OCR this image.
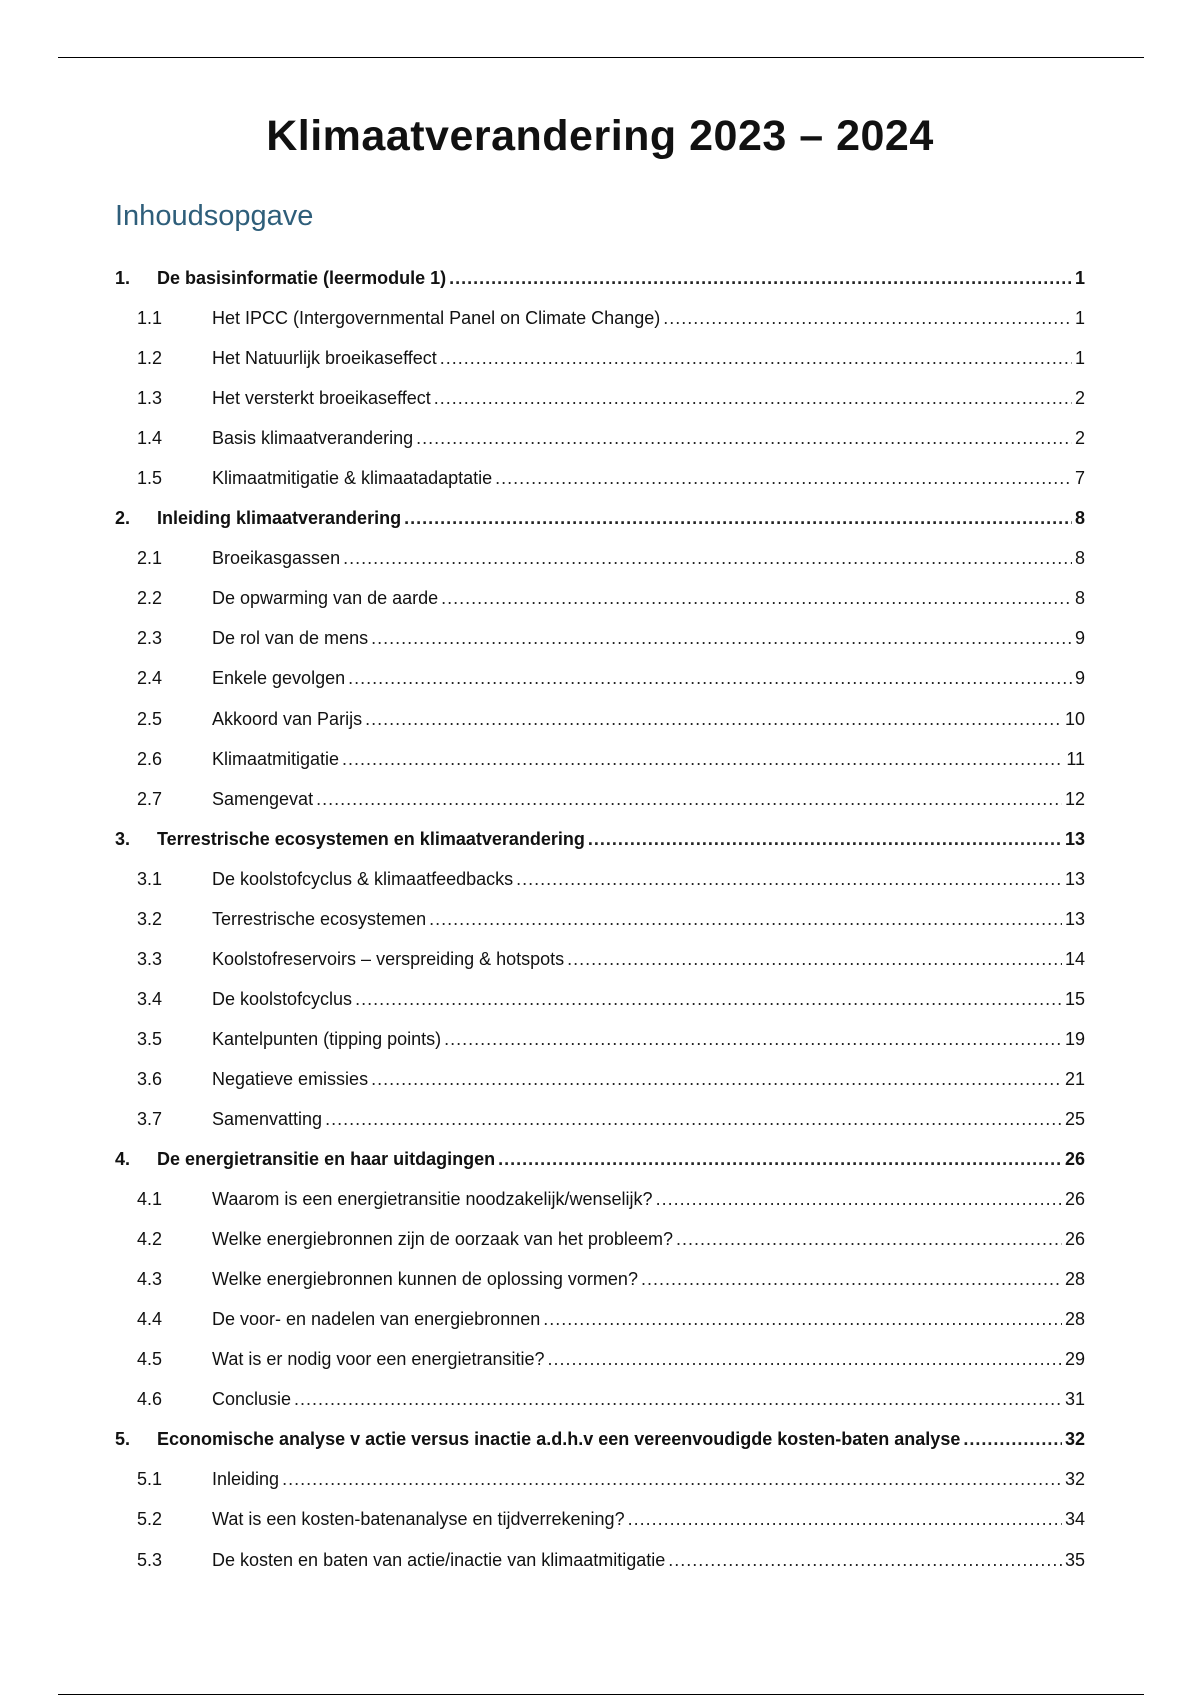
Klimaatverandering 2023 – 2024
Inhoudsopgave
1.	De basisinformatie (leermodule 1) .....	1
1.1	Het IPCC (Intergovernmental Panel on Climate Change) .....	1
1.2	Het Natuurlijk broeikaseffect .....	1
1.3	Het versterkt broeikaseffect .....	2
1.4	Basis klimaatverandering .....	2
1.5	Klimaatmitigatie & klimaatadaptatie .....	7
2.	Inleiding klimaatverandering .....	8
2.1	Broeikasgassen .....	8
2.2	De opwarming van de aarde .....	8
2.3	De rol van de mens .....	9
2.4	Enkele gevolgen .....	9
2.5	Akkoord van Parijs .....	10
2.6	Klimaatmitigatie .....	11
2.7	Samengevat .....	12
3.	Terrestrische ecosystemen en klimaatverandering .....	13
3.1	De koolstofcyclus & klimaatfeedbacks .....	13
3.2	Terrestrische ecosystemen .....	13
3.3	Koolstofreservoirs – verspreiding & hotspots .....	14
3.4	De koolstofcyclus .....	15
3.5	Kantelpunten (tipping points) .....	19
3.6	Negatieve emissies .....	21
3.7	Samenvatting .....	25
4.	De energietransitie en haar uitdagingen .....	26
4.1	Waarom is een energietransitie noodzakelijk/wenselijk? .....	26
4.2	Welke energiebronnen zijn de oorzaak van het probleem? .....	26
4.3	Welke energiebronnen kunnen de oplossing vormen? .....	28
4.4	De voor- en nadelen van energiebronnen .....	28
4.5	Wat is er nodig voor een energietransitie? .....	29
4.6	Conclusie .....	31
5.	Economische analyse v actie versus inactie a.d.h.v een vereenvoudigde kosten-baten analyse .....	32
5.1	Inleiding .....	32
5.2	Wat is een kosten-batenanalyse en tijdverrekening? .....	34
5.3	De kosten en baten van actie/inactie van klimaatmitigatie .....	35
